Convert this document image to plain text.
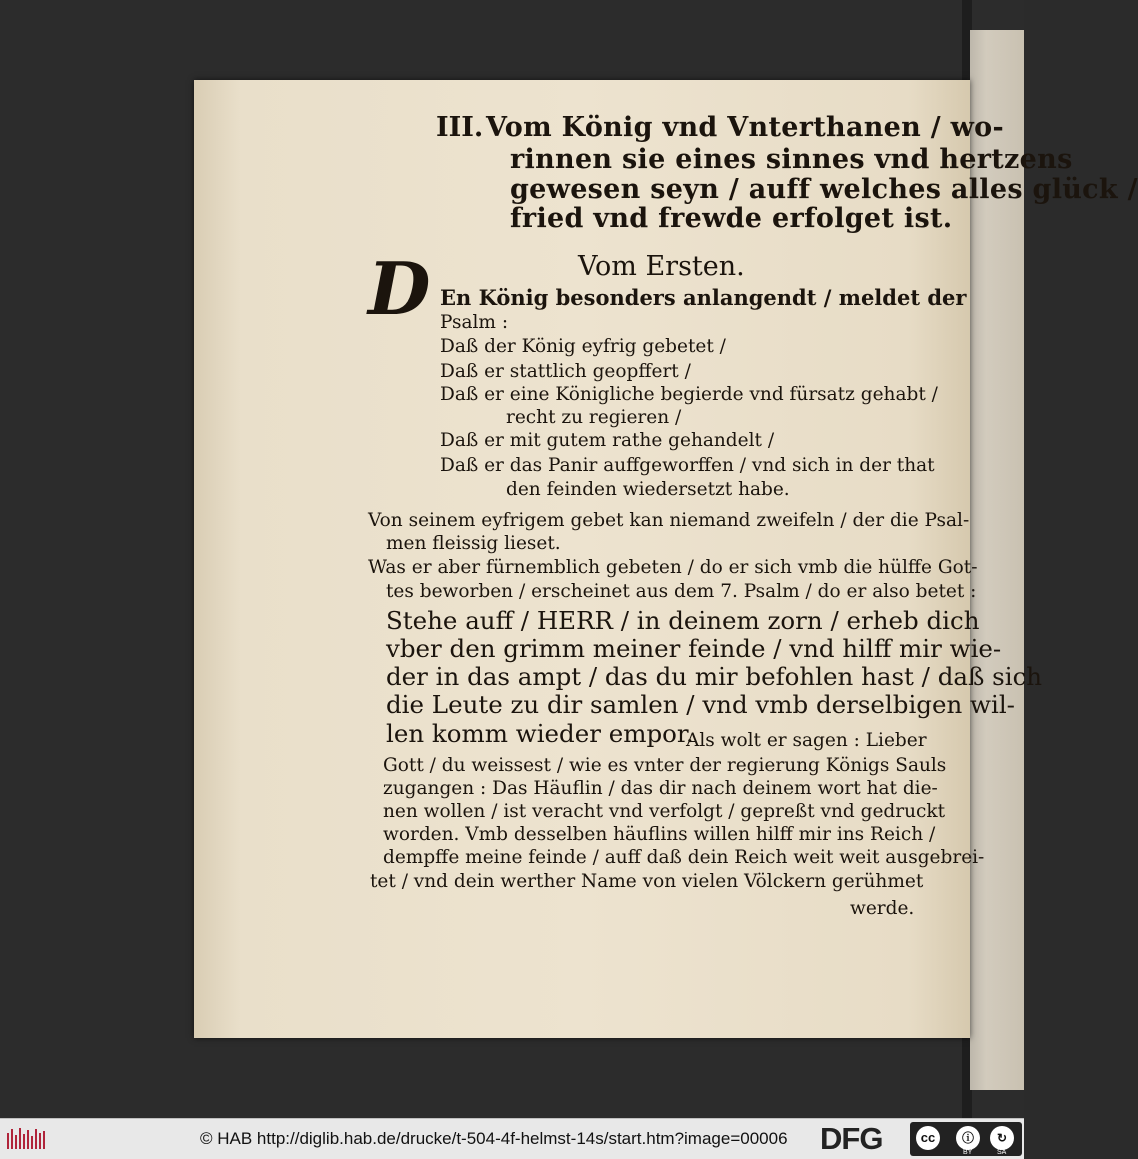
III. Vom König vnd Vnterthanen / wo-
rinnen sie eines sinnes vnd hertzens
gewesen seyn / auff welches alles glück /
fried vnd frewde erfolget ist.
Vom Ersten.
D En König besonders anlangendt / meldet der
Psalm :
Daß der König eyfrig gebetet /
Daß er stattlich geopffert /
Daß er eine Königliche begierde vnd fürsatz gehabt /
recht zu regieren /
Daß er mit gutem rathe gehandelt /
Daß er das Panir auffgeworffen / vnd sich in der that
den feinden wiedersetzt habe.
Von seinem eyfrigem gebet kan niemand zweifeln / der die Psal-
men fleissig lieset.
Was er aber fürnemblich gebeten / do er sich vmb die hülffe Got-
tes beworben / erscheinet aus dem 7. Psalm / do er also betet :
Stehe auff / HERR / in deinem zorn / erheb dich
vber den grimm meiner feinde / vnd hilff mir wie-
der in das ampt / das du mir befohlen hast / daß sich
die Leute zu dir samlen / vnd vmb derselbigen wil-
len komm wieder empor.
Als wolt er sagen : Lieber
Gott / du weissest / wie es vnter der regierung Königs Sauls
zugangen : Das Häuflin / das dir nach deinem wort hat die-
nen wollen / ist veracht vnd verfolgt / gepreßt vnd gedruckt
worden. Vmb desselben häuflins willen hilff mir ins Reich /
dempffe meine feinde / auff daß dein Reich weit weit ausgebrei-
tet / vnd dein werther Name von vielen Völckern gerühmet
werde.
© HAB http://diglib.hab.de/drucke/t-504-4f-helmst-14s/start.htm?image=00006 DFG	cc	ⓘ	↻
BY	SA
